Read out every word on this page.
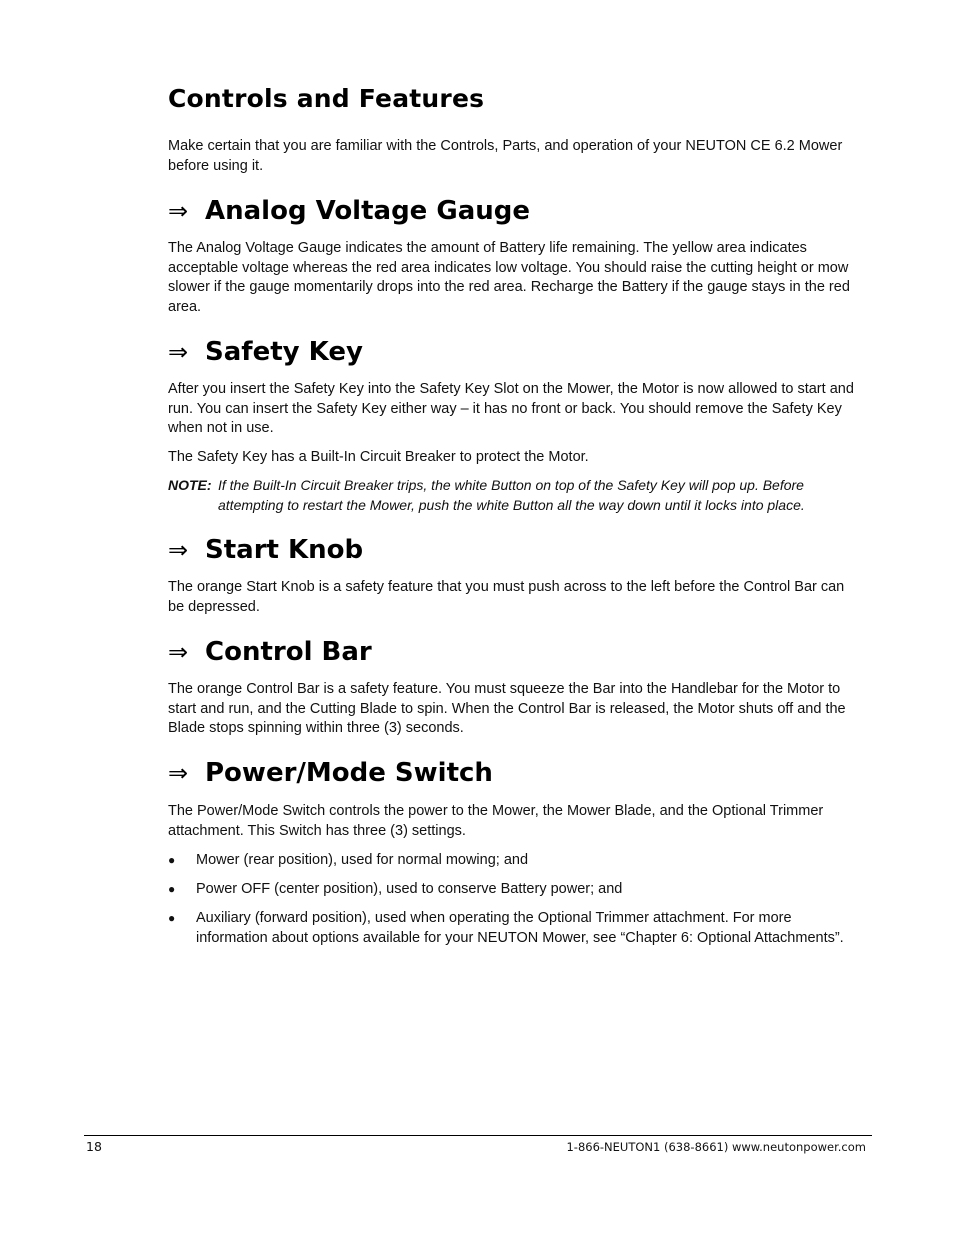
Controls and Features

Make certain that you are familiar with the Controls, Parts, and operation of your NEUTON CE 6.2 Mower before using it.

⇒ Analog Voltage Gauge

The Analog Voltage Gauge indicates the amount of Battery life remaining. The yellow area indicates acceptable voltage whereas the red area indicates low voltage. You should raise the cutting height or mow slower if the gauge momentarily drops into the red area. Recharge the Battery if the gauge stays in the red area.

⇒ Safety Key

After you insert the Safety Key into the Safety Key Slot on the Mower, the Motor is now allowed to start and run. You can insert the Safety Key either way – it has no front or back. You should remove the Safety Key when not in use.

The Safety Key has a Built-In Circuit Breaker to protect the Motor.

NOTE: If the Built-In Circuit Breaker trips, the white Button on top of the Safety Key will pop up. Before attempting to restart the Mower, push the white Button all the way down until it locks into place.
⇒ Start Knob

The orange Start Knob is a safety feature that you must push across to the left before the Control Bar can be depressed.

⇒ Control Bar

The orange Control Bar is a safety feature. You must squeeze the Bar into the Handlebar for the Motor to start and run, and the Cutting Blade to spin. When the Control Bar is released, the Motor shuts off and the Blade stops spinning within three (3) seconds.

⇒ Power/Mode Switch

The Power/Mode Switch controls the power to the Mower, the Mower Blade, and the Optional Trimmer attachment. This Switch has three (3) settings.

●	Mower (rear position), used for normal mowing; and
●	Power OFF (center position), used to conserve Battery power; and
●	Auxiliary (forward position), used when operating the Optional Trimmer attachment. For more information about options available for your NEUTON Mower, see “Chapter 6: Optional Attachments”.
18	1-866-NEUTON1 (638-8661) www.neutonpower.com
